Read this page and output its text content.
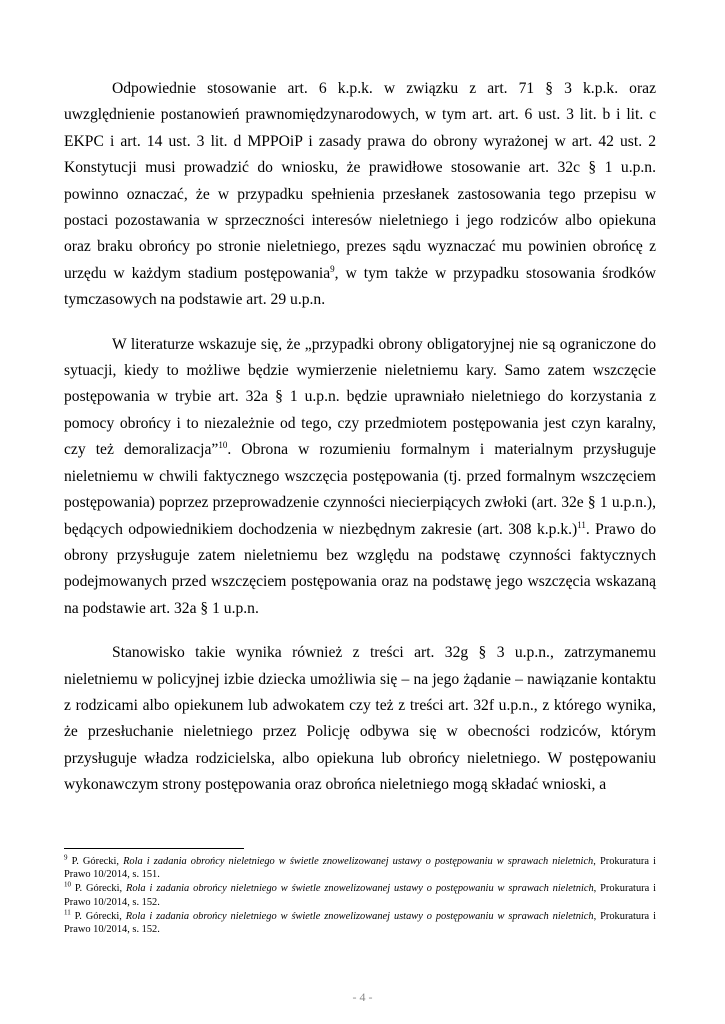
Odpowiednie stosowanie art. 6 k.p.k. w związku z art. 71 § 3 k.p.k. oraz uwzględnienie postanowień prawnomiędzynarodowych, w tym art. art. 6 ust. 3 lit. b i lit. c EKPC i art. 14 ust. 3 lit. d MPPOiP i zasady prawa do obrony wyrażonej w art. 42 ust. 2 Konstytucji musi prowadzić do wniosku, że prawidłowe stosowanie art. 32c § 1 u.p.n. powinno oznaczać, że w przypadku spełnienia przesłanek zastosowania tego przepisu w postaci pozostawania w sprzeczności interesów nieletniego i jego rodziców albo opiekuna oraz braku obrońcy po stronie nieletniego, prezes sądu wyznaczać mu powinien obrońcę z urzędu w każdym stadium postępowania$^9$, w tym także w przypadku stosowania środków tymczasowych na podstawie art. 29 u.p.n.

W literaturze wskazuje się, że „przypadki obrony obligatoryjnej nie są ograniczone do sytuacji, kiedy to możliwe będzie wymierzenie nieletniemu kary. Samo zatem wszczęcie postępowania w trybie art. 32a § 1 u.p.n. będzie uprawniało nieletniego do korzystania z pomocy obrońcy i to niezależnie od tego, czy przedmiotem postępowania jest czyn karalny, czy też demoralizacja”$^{10}$. Obrona w rozumieniu formalnym i materialnym przysługuje nieletniemu w chwili faktycznego wszczęcia postępowania (tj. przed formalnym wszczęciem postępowania) poprzez przeprowadzenie czynności niecierpiących zwłoki (art. 32e § 1 u.p.n.), będących odpowiednikiem dochodzenia w niezbędnym zakresie (art. 308 k.p.k.)$^{11}$. Prawo do obrony przysługuje zatem nieletniemu bez względu na podstawę czynności faktycznych podejmowanych przed wszczęciem postępowania oraz na podstawę jego wszczęcia wskazaną na podstawie art. 32a § 1 u.p.n.

Stanowisko takie wynika również z treści art. 32g § 3 u.p.n., zatrzymanemu nieletniemu w policyjnej izbie dziecka umożliwia się – na jego żądanie – nawiązanie kontaktu z rodzicami albo opiekunem lub adwokatem czy też z treści art. 32f u.p.n., z którego wynika, że przesłuchanie nieletniego przez Policję odbywa się w obecności rodziców, którym przysługuje władza rodzicielska, albo opiekuna lub obrońcy nieletniego. W postępowaniu wykonawczym strony postępowania oraz obrońca nieletniego mogą składać wnioski, a

$^9$ P. Górecki, Rola i zadania obrońcy nieletniego w świetle znowelizowanej ustawy o postępowaniu w sprawach nieletnich, Prokuratura i Prawo 10/2014, s. 151.

$^{10}$ P. Górecki, Rola i zadania obrońcy nieletniego w świetle znowelizowanej ustawy o postępowaniu w sprawach nieletnich, Prokuratura i Prawo 10/2014, s. 152.

$^{11}$ P. Górecki, Rola i zadania obrońcy nieletniego w świetle znowelizowanej ustawy o postępowaniu w sprawach nieletnich, Prokuratura i Prawo 10/2014, s. 152.

- 4 -
